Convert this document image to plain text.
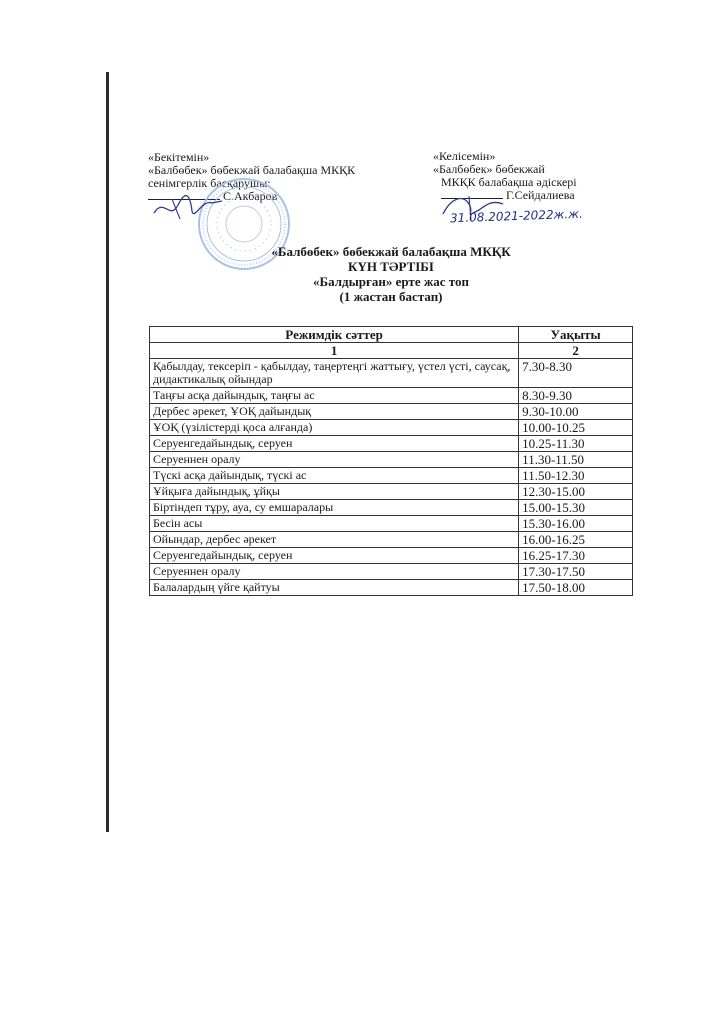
«Бекітемін»
«Балбөбек» бөбекжай балабақша МКҚК
сенімгерлік басқарушы:
С.Акбаров
«Келісемін»
«Балбөбек» бөбекжай
МКҚК балабақша әдіскері
Г.Сейдалиева
31.08.2021-2022ж.ж.
«Балбөбек» бөбекжай балабақша МКҚК
КҮН ТӘРТІБІ
«Балдырған» ерте жас топ
(1 жастан бастап)
Режимдік сәттер	Уақыты
1	2
Қабылдау, тексеріп - қабылдау, таңертеңгі жаттығу, үстел үсті, саусақ, дидактикалық ойындар	7.30-8.30
Таңғы асқа дайындық, таңғы ас	8.30-9.30
Дербес әрекет, ҰОҚ дайындық	9.30-10.00
ҰОҚ (үзілістерді қоса алғанда)	10.00-10.25
Серуенгедайындық, серуен	10.25-11.30
Серуеннен оралу	11.30-11.50
Түскі асқа дайындық, түскі ас	11.50-12.30
Ұйқыға дайындық, ұйқы	12.30-15.00
Біртіндеп тұру, ауа, су емшаралары	15.00-15.30
Бесін асы	15.30-16.00
Ойындар, дербес әрекет	16.00-16.25
Серуенгедайындық, серуен	16.25-17.30
Серуеннен оралу	17.30-17.50
Балалардың үйге қайтуы	17.50-18.00
